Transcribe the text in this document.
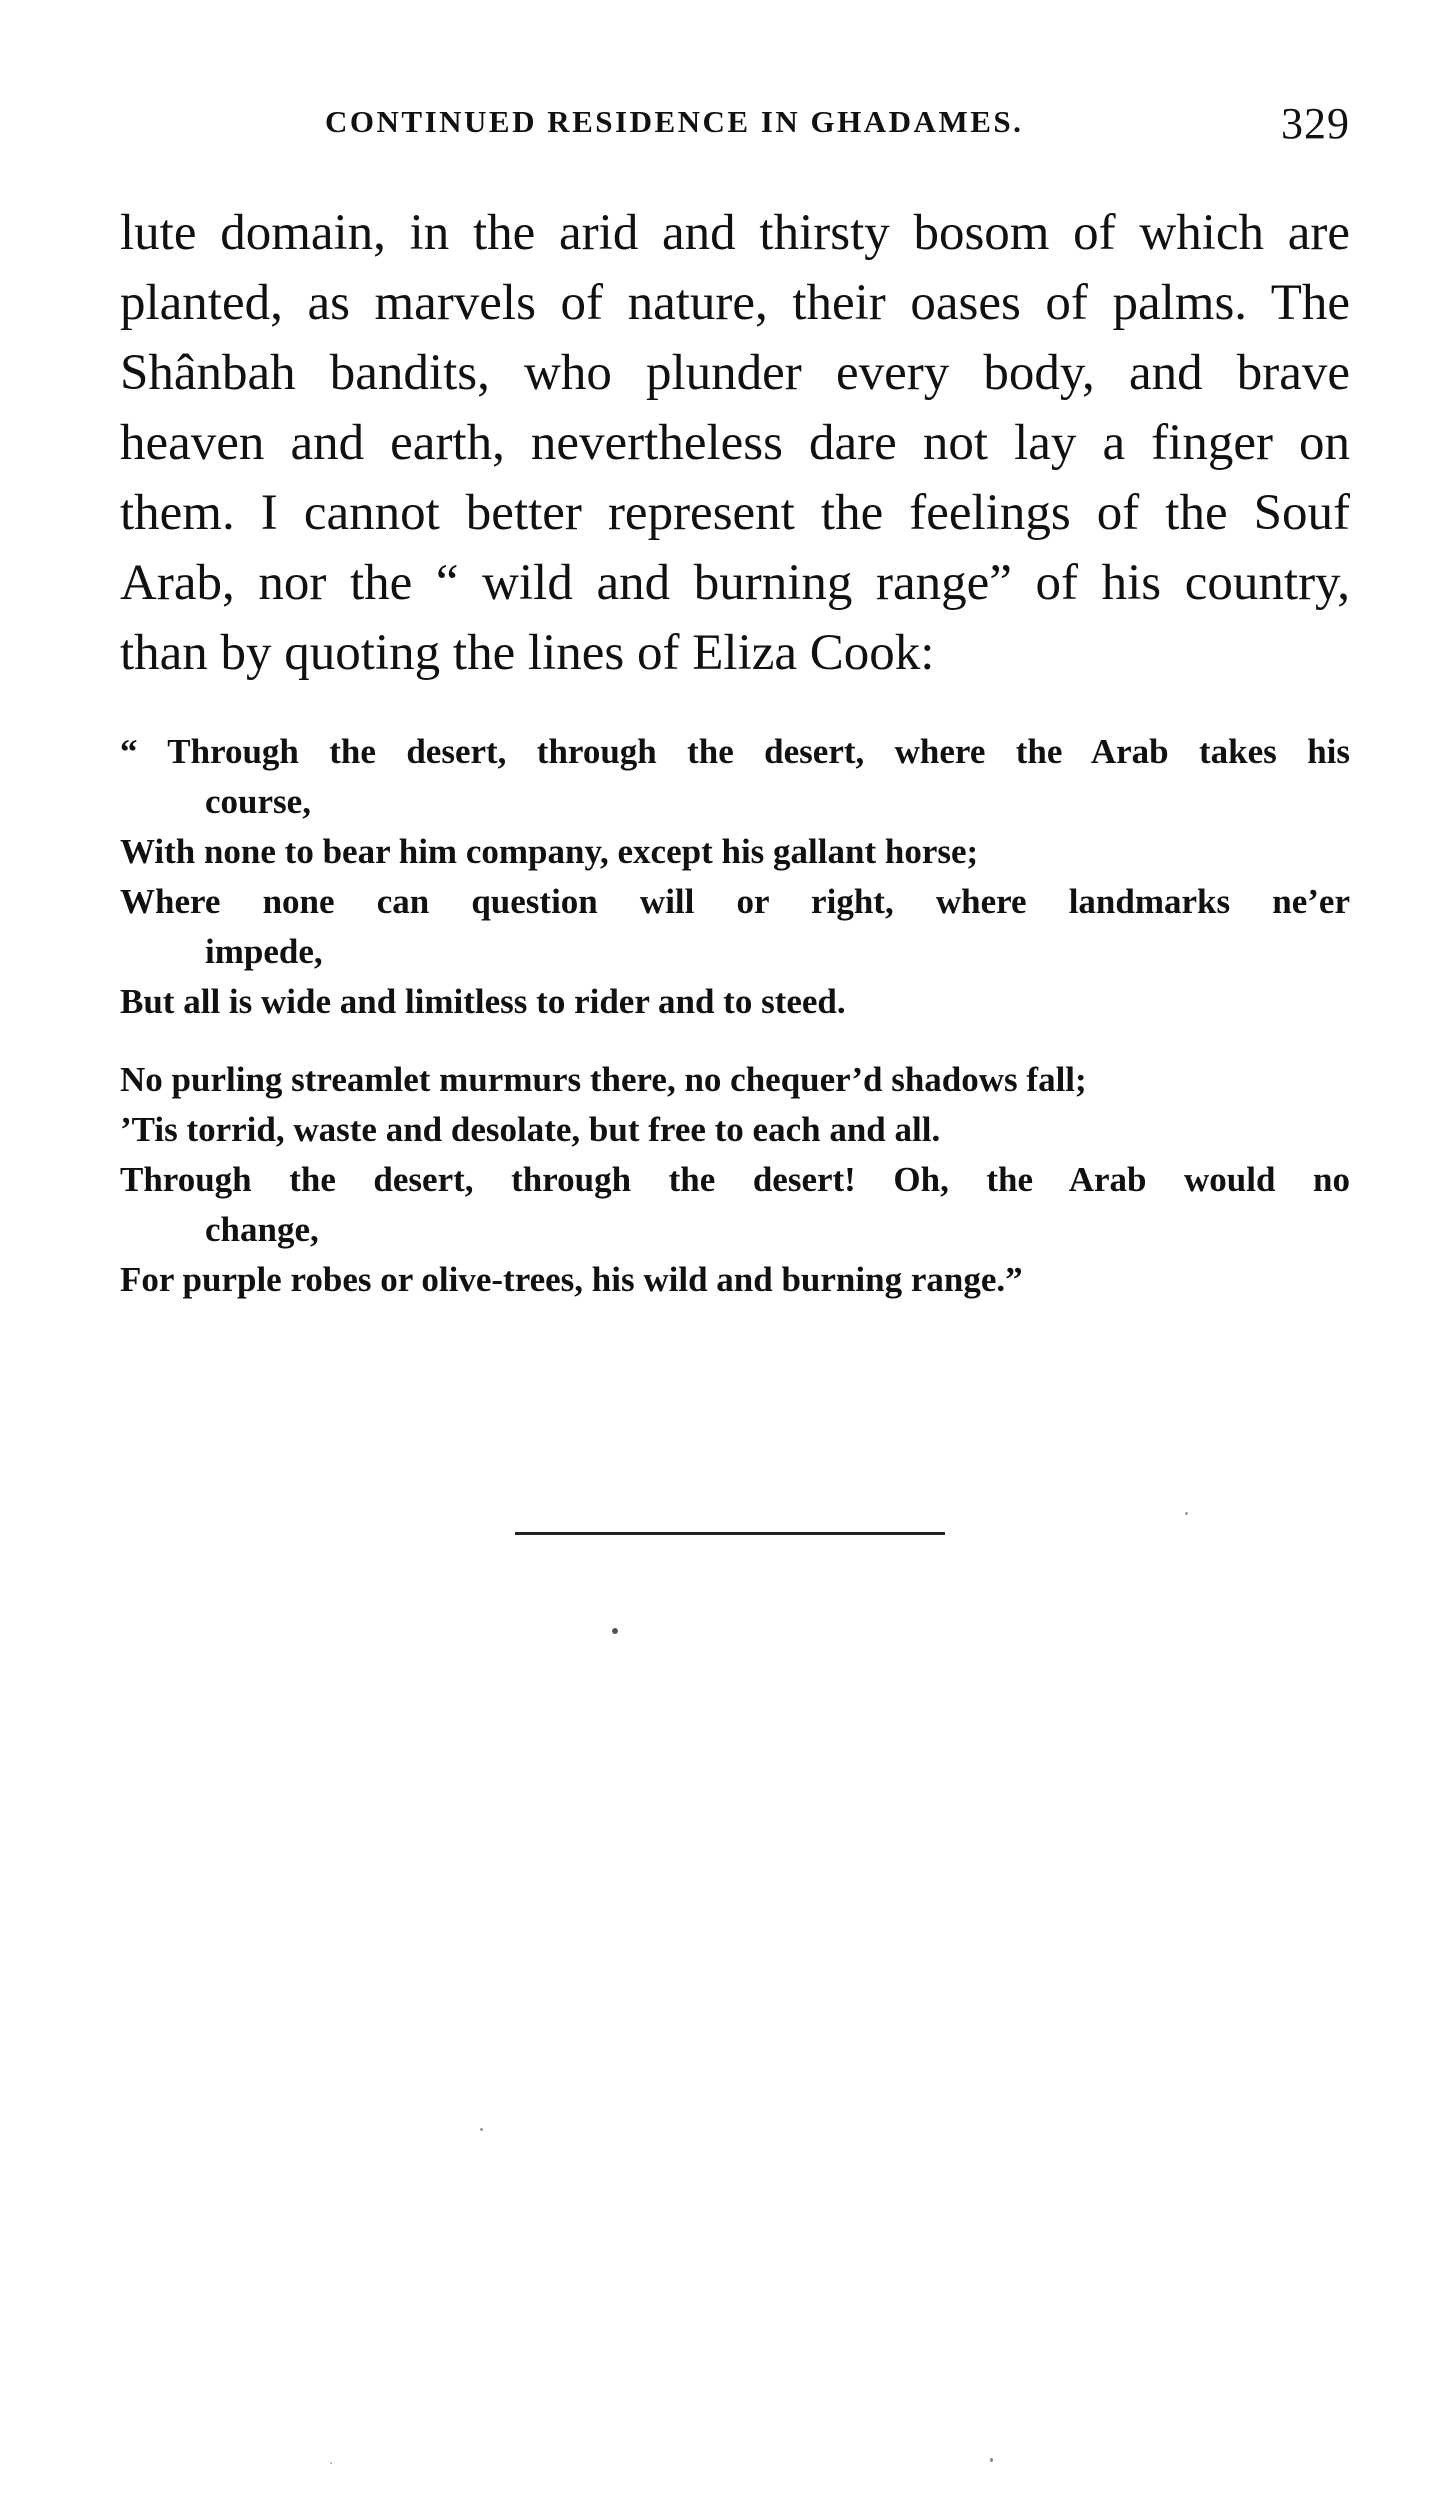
CONTINUED RESIDENCE IN GHADAMES.	329
lute domain, in the arid and thirsty bosom of which are
planted, as marvels of nature, their oases of palms. The
Shânbah bandits, who plunder every body, and brave
heaven and earth, nevertheless dare not lay a finger on
them. I cannot better represent the feelings of the Souf
Arab, nor the “ wild and burning range” of his country,
than by quoting the lines of Eliza Cook:
“ Through the desert, through the desert, where the Arab takes his
course,
With none to bear him company, except his gallant horse;
Where none can question will or right, where landmarks ne’er
impede,
But all is wide and limitless to rider and to steed.
No purling streamlet murmurs there, no chequer’d shadows fall;
’Tis torrid, waste and desolate, but free to each and all.
Through the desert, through the desert! Oh, the Arab would no
change,
For purple robes or olive-trees, his wild and burning range.”
